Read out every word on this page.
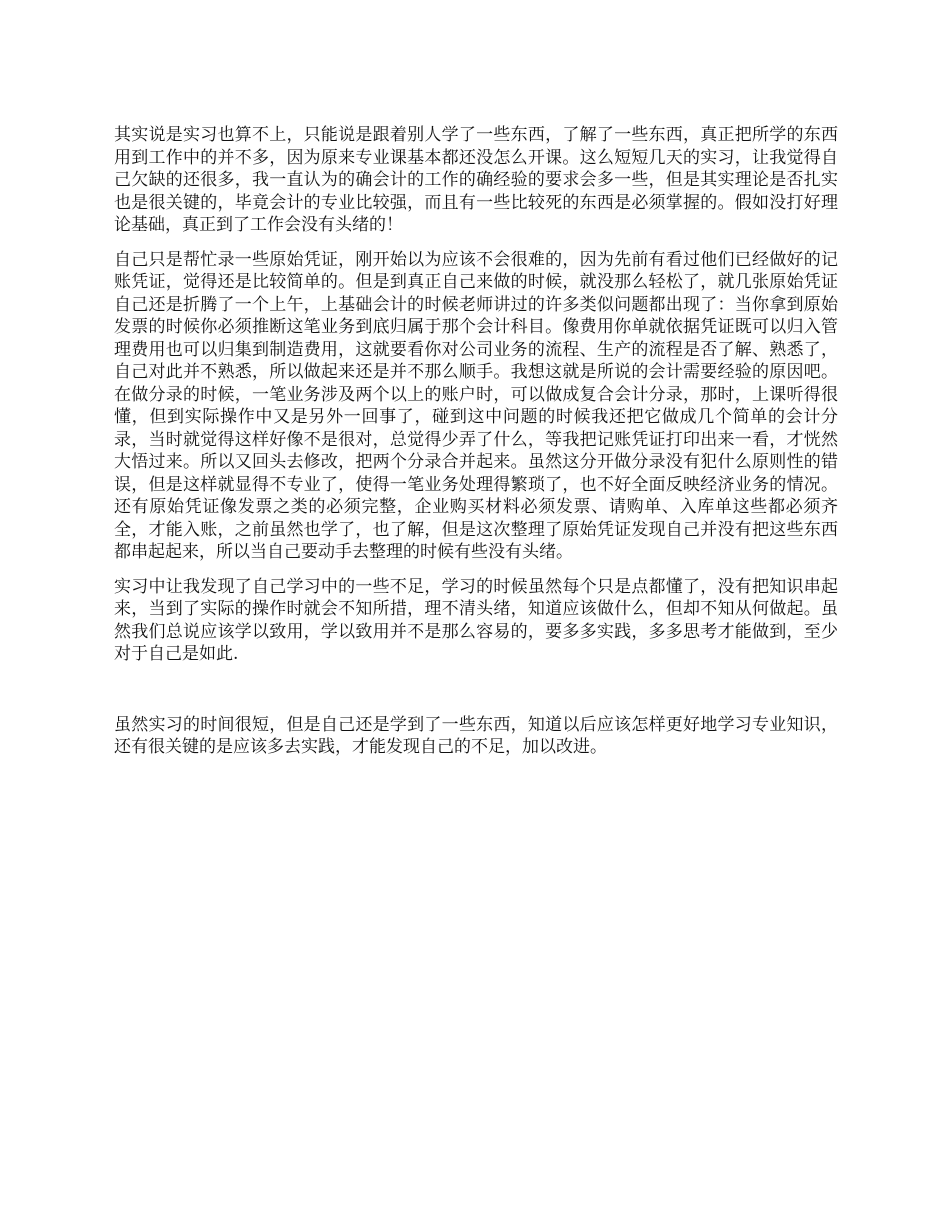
其实说是实习也算不上，只能说是跟着别人学了一些东西，了解了一些东西，真正把所学的东西用到工作中的并不多，因为原来专业课基本都还没怎么开课。这么短短几天的实习，让我觉得自己欠缺的还很多，我一直认为的确会计的工作的确经验的要求会多一些，但是其实理论是否扎实也是很关键的，毕竟会计的专业比较强，而且有一些比较死的东西是必须掌握的。假如没打好理论基础，真正到了工作会没有头绪的！

自己只是帮忙录一些原始凭证，刚开始以为应该不会很难的，因为先前有看过他们已经做好的记账凭证，觉得还是比较简单的。但是到真正自己来做的时候，就没那么轻松了，就几张原始凭证自己还是折腾了一个上午，上基础会计的时候老师讲过的许多类似问题都出现了：当你拿到原始发票的时候你必须推断这笔业务到底归属于那个会计科目。像费用你单就依据凭证既可以归入管理费用也可以归集到制造费用，这就要看你对公司业务的流程、生产的流程是否了解、熟悉了，自己对此并不熟悉，所以做起来还是并不那么顺手。我想这就是所说的会计需要经验的原因吧。在做分录的时候，一笔业务涉及两个以上的账户时，可以做成复合会计分录，那时，上课听得很懂，但到实际操作中又是另外一回事了，碰到这中问题的时候我还把它做成几个简单的会计分录，当时就觉得这样好像不是很对，总觉得少弄了什么，等我把记账凭证打印出来一看，才恍然大悟过来。所以又回头去修改，把两个分录合并起来。虽然这分开做分录没有犯什么原则性的错误，但是这样就显得不专业了，使得一笔业务处理得繁琐了，也不好全面反映经济业务的情况。还有原始凭证像发票之类的必须完整，企业购买材料必须发票、请购单、入库单这些都必须齐全，才能入账，之前虽然也学了，也了解，但是这次整理了原始凭证发现自己并没有把这些东西都串起起来，所以当自己要动手去整理的时候有些没有头绪。

实习中让我发现了自己学习中的一些不足，学习的时候虽然每个只是点都懂了，没有把知识串起来，当到了实际的操作时就会不知所措，理不清头绪，知道应该做什么，但却不知从何做起。虽然我们总说应该学以致用，学以致用并不是那么容易的，要多多实践，多多思考才能做到，至少对于自己是如此.

虽然实习的时间很短，但是自己还是学到了一些东西，知道以后应该怎样更好地学习专业知识，还有很关键的是应该多去实践，才能发现自己的不足，加以改进。
